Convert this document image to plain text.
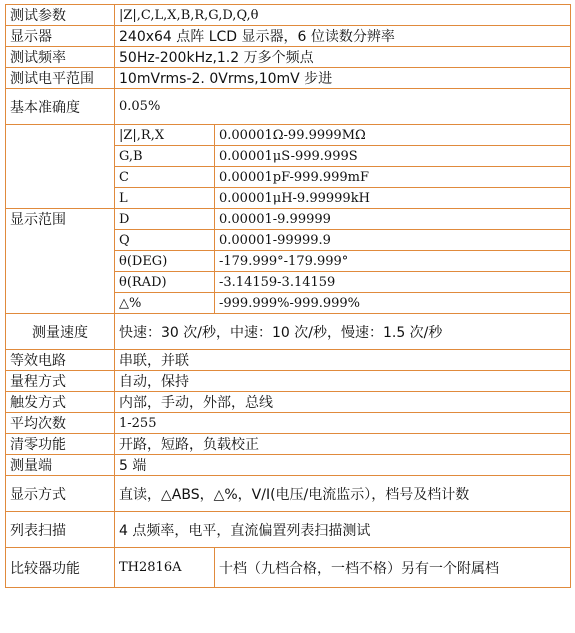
测试参数	|Z|,C,L,X,B,R,G,D,Q,θ	
显示器	240x64 点阵 LCD 显示器，6 位读数分辨率	
测试频率	50Hz-200kHz,1.2 万多个频点	
测试电平范围	10mVrms-2. 0Vrms,10mV 步进	
基本准确度	0.05%	
	|Z|,R,X	0.00001Ω-99.9999MΩ
	G,B	0.00001μS-999.999S
	C	0.00001pF-999.999mF
	L	0.00001μH-9.99999kH
显示范围	D	0.00001-9.99999
	Q	0.00001-99999.9
	θ(DEG)	-179.999°-179.999°
	θ(RAD)	-3.14159-3.14159
	△%	-999.999%-999.999%
测量速度	快速：30 次/秒，中速：10 次/秒，慢速：1.5 次/秒	
等效电路	串联，并联	
量程方式	自动，保持	
触发方式	内部，手动，外部，总线	
平均次数	1-255	
清零功能	开路，短路，负载校正	
测量端	5 端	
显示方式	直读，△ABS，△%，V/I(电压/电流监示），档号及档计数	
列表扫描	4 点频率，电平，直流偏置列表扫描测试	
比较器功能	TH2816A	十档（九档合格，一档不格）另有一个附属档
